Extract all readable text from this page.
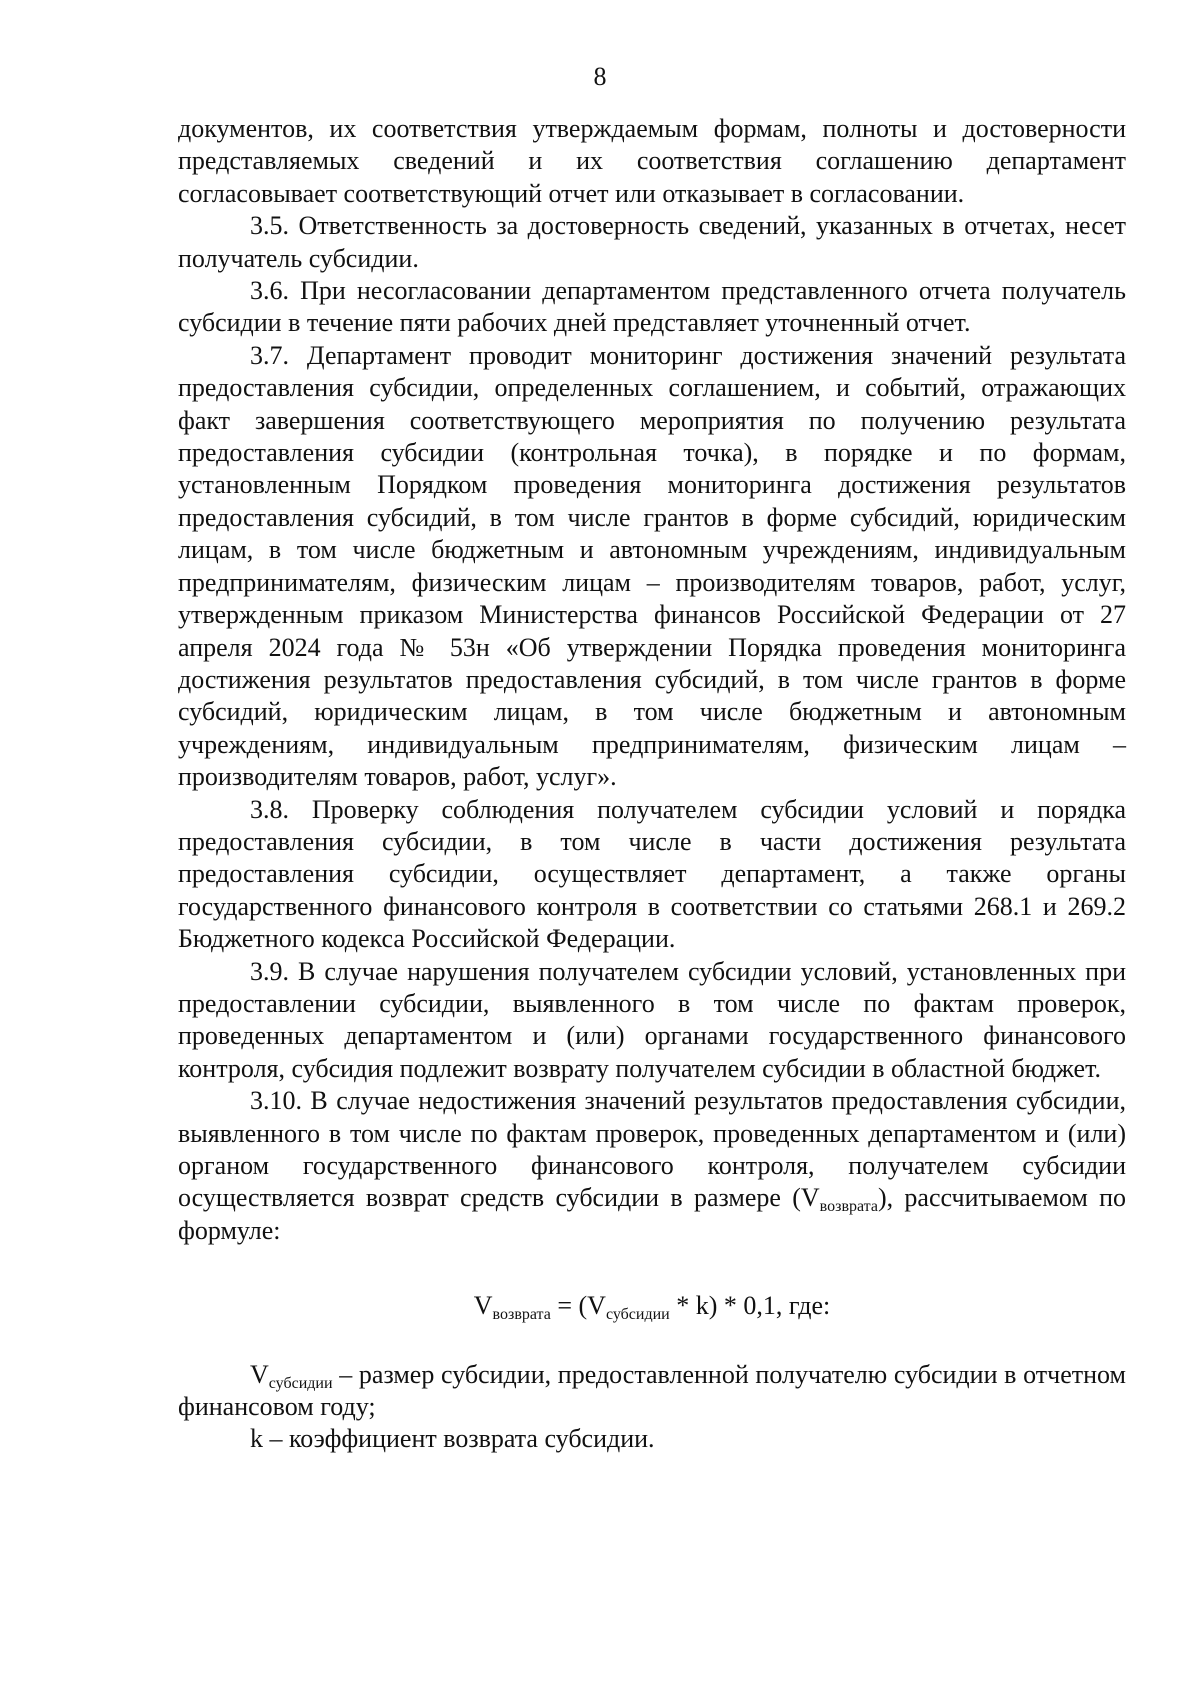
8

документов, их соответствия утверждаемым формам, полноты и достоверности представляемых сведений и их соответствия соглашению департамент согласовывает соответствующий отчет или отказывает в согласовании.

3.5. Ответственность за достоверность сведений, указанных в отчетах, несет получатель субсидии.

3.6. При несогласовании департаментом представленного отчета получатель субсидии в течение пяти рабочих дней представляет уточненный отчет.

3.7. Департамент проводит мониторинг достижения значений результата предоставления субсидии, определенных соглашением, и событий, отражающих факт завершения соответствующего мероприятия по получению результата предоставления субсидии (контрольная точка), в порядке и по формам, установленным Порядком проведения мониторинга достижения результатов предоставления субсидий, в том числе грантов в форме субсидий, юридическим лицам, в том числе бюджетным и автономным учреждениям, индивидуальным предпринимателям, физическим лицам – производителям товаров, работ, услуг, утвержденным приказом Министерства финансов Российской Федерации от 27 апреля 2024 года № 53н «Об утверждении Порядка проведения мониторинга достижения результатов предоставления субсидий, в том числе грантов в форме субсидий, юридическим лицам, в том числе бюджетным и автономным учреждениям, индивидуальным предпринимателям, физическим лицам – производителям товаров, работ, услуг».

3.8. Проверку соблюдения получателем субсидии условий и порядка предоставления субсидии, в том числе в части достижения результата предоставления субсидии, осуществляет департамент, а также органы государственного финансового контроля в соответствии со статьями 268.1 и 269.2 Бюджетного кодекса Российской Федерации.

3.9. В случае нарушения получателем субсидии условий, установленных при предоставлении субсидии, выявленного в том числе по фактам проверок, проведенных департаментом и (или) органами государственного финансового контроля, субсидия подлежит возврату получателем субсидии в областной бюджет.

3.10. В случае недостижения значений результатов предоставления субсидии, выявленного в том числе по фактам проверок, проведенных департаментом и (или) органом государственного финансового контроля, получателем субсидии осуществляется возврат средств субсидии в размере $(V_{возврата})$, рассчитываемом по формуле:

$V_{возврата} = (V_{субсидии} * k) * 0,1$, где:

$V_{субсидии}$ – размер субсидии, предоставленной получателю субсидии в отчетном финансовом году;

k – коэффициент возврата субсидии.
